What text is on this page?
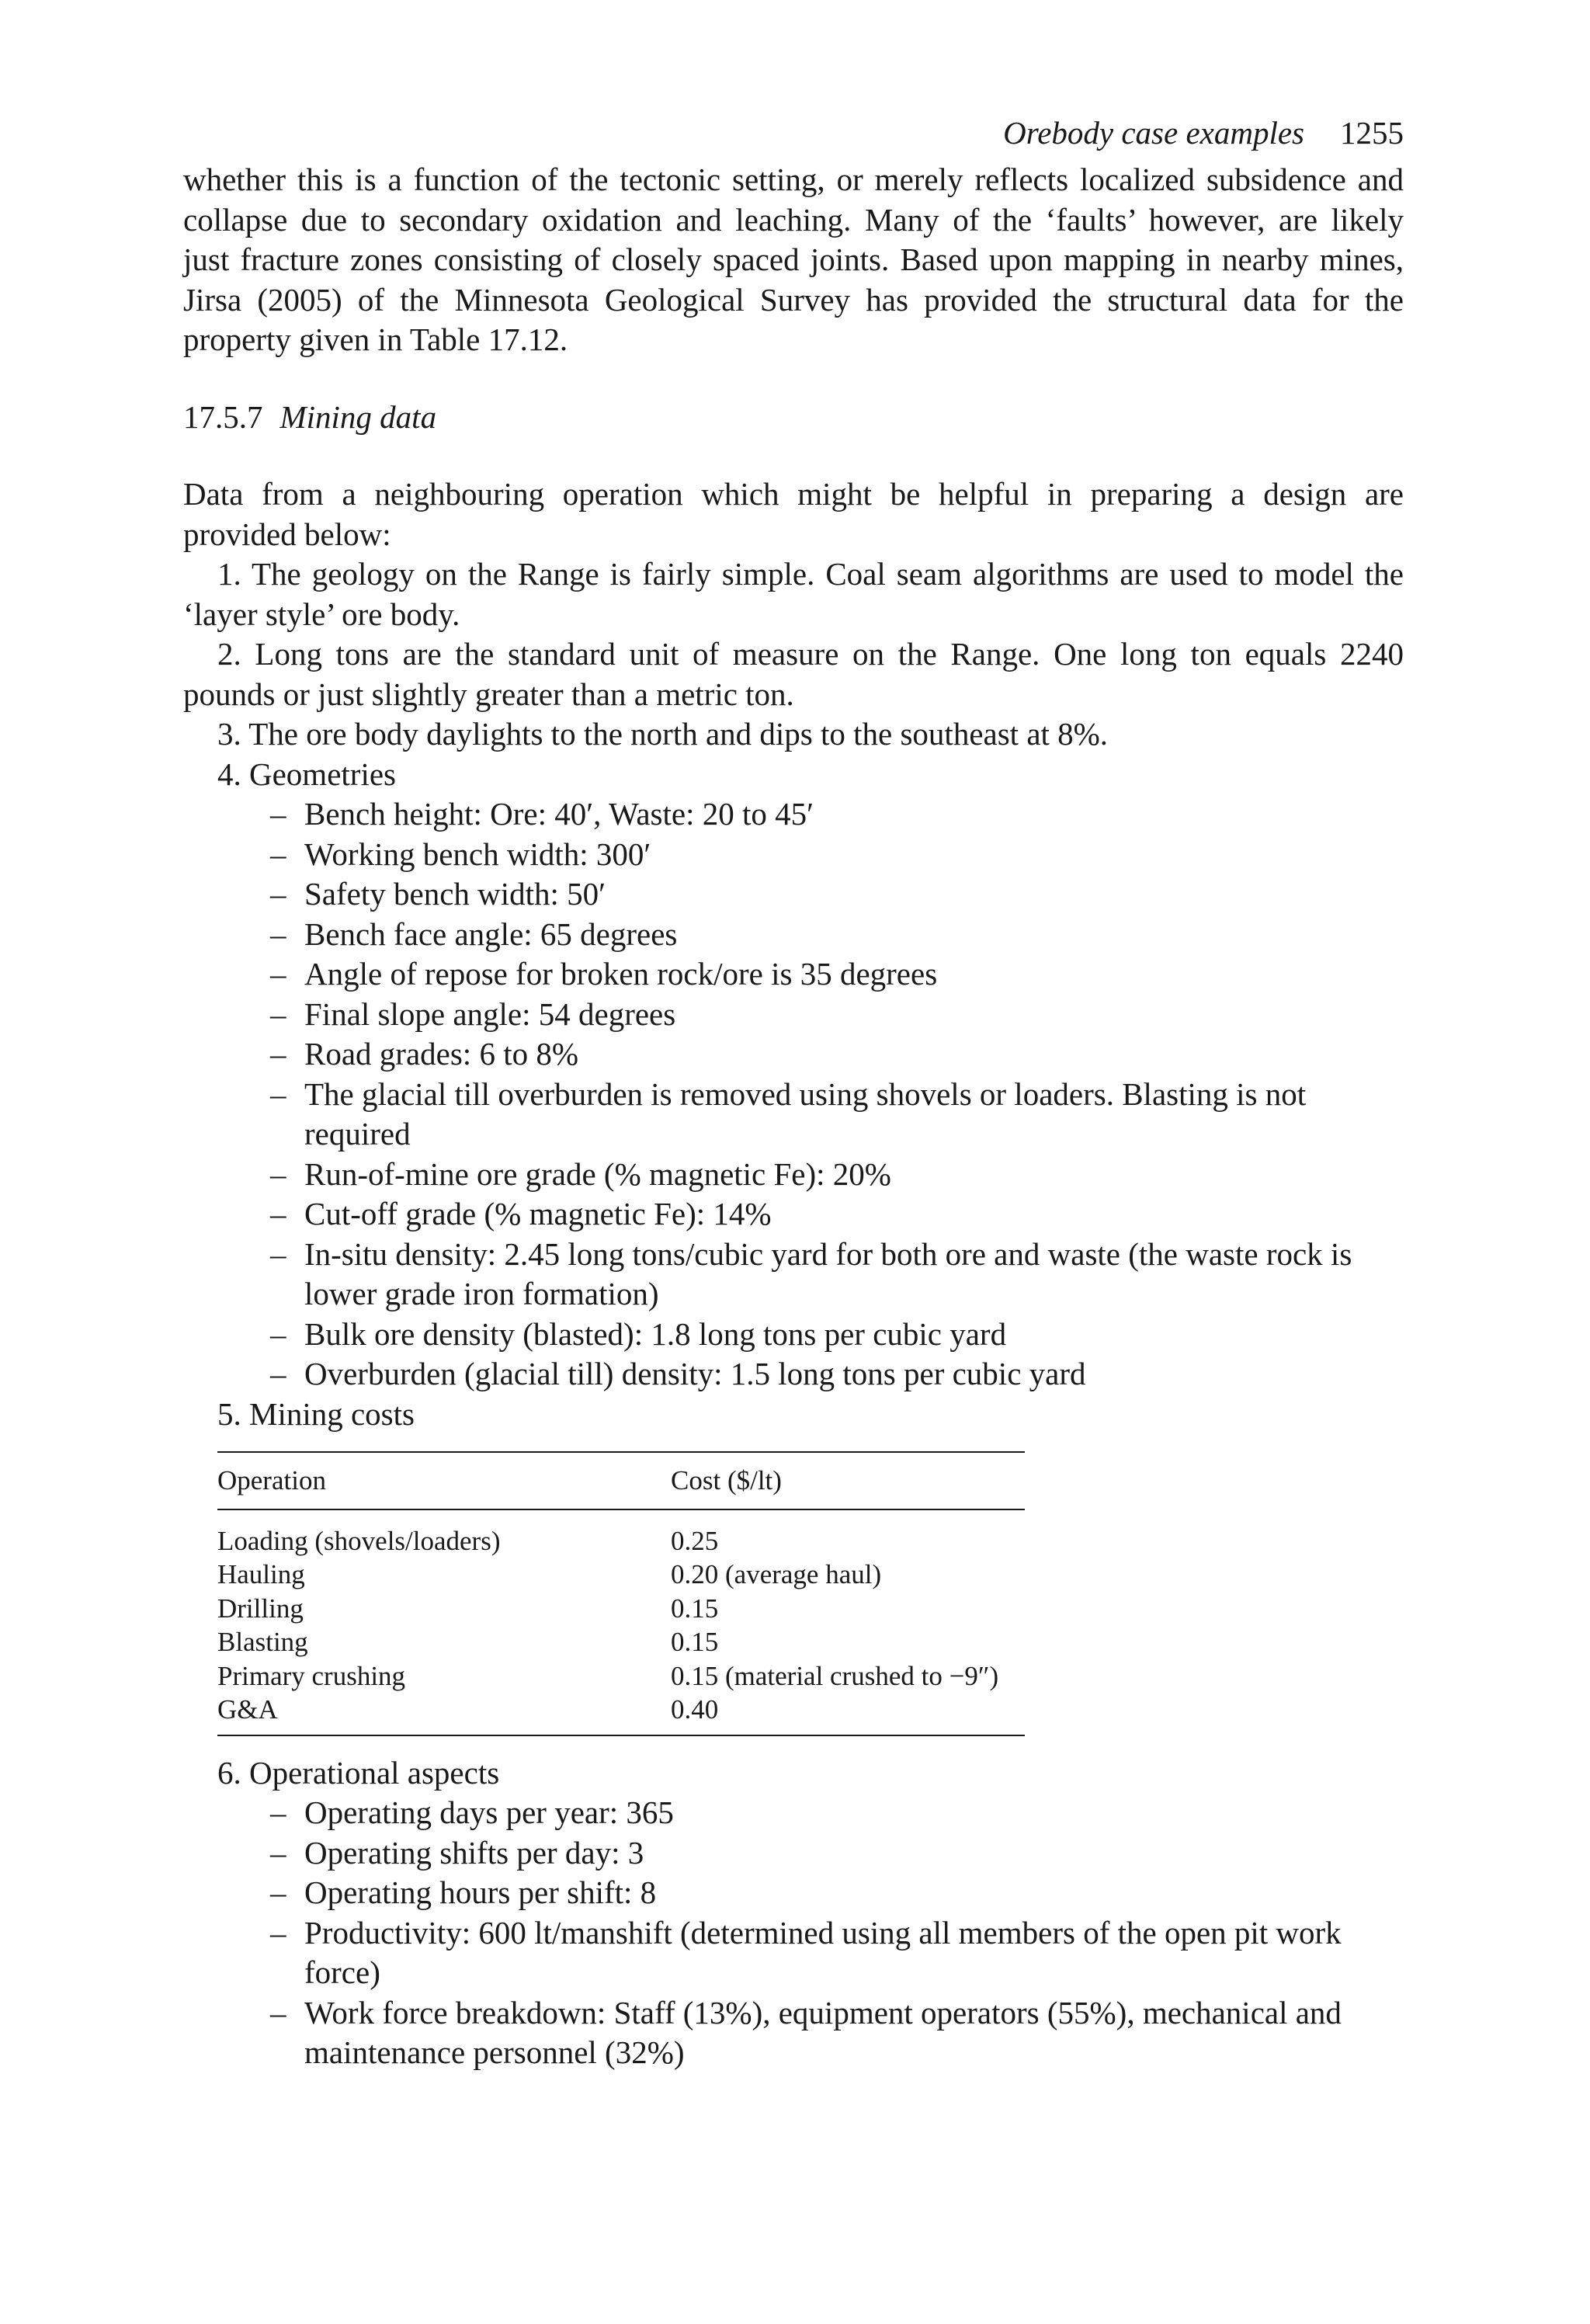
Orebody case examples 1255

whether this is a function of the tectonic setting, or merely reflects localized subsidence and
collapse due to secondary oxidation and leaching. Many of the ‘faults’ however, are likely
just fracture zones consisting of closely spaced joints. Based upon mapping in nearby mines,
Jirsa (2005) of the Minnesota Geological Survey has provided the structural data for the
property given in Table 17.12.

17.5.7 Mining data

Data from a neighbouring operation which might be helpful in preparing a design are
provided below:

1. The geology on the Range is fairly simple. Coal seam algorithms are used to model the ‘layer style’ ore body.

2. Long tons are the standard unit of measure on the Range. One long ton equals 2240 pounds or just slightly greater than a metric ton.

3. The ore body daylights to the north and dips to the southeast at 8%.

4. Geometries

– Bench height: Ore: 40′, Waste: 20 to 45′
– Working bench width: 300′
– Safety bench width: 50′
– Bench face angle: 65 degrees
– Angle of repose for broken rock/ore is 35 degrees
– Final slope angle: 54 degrees
– Road grades: 6 to 8%
– The glacial till overburden is removed using shovels or loaders. Blasting is not required
– Run-of-mine ore grade (% magnetic Fe): 20%
– Cut-off grade (% magnetic Fe): 14%
– In-situ density: 2.45 long tons/cubic yard for both ore and waste (the waste rock is lower grade iron formation)
– Bulk ore density (blasted): 1.8 long tons per cubic yard
– Overburden (glacial till) density: 1.5 long tons per cubic yard

5. Mining costs

Operation	Cost ($/lt)
Loading (shovels/loaders)	0.25
Hauling	0.20 (average haul)
Drilling	0.15
Blasting	0.15
Primary crushing	0.15 (material crushed to −9″)
G&A	0.40

6. Operational aspects

– Operating days per year: 365
– Operating shifts per day: 3
– Operating hours per shift: 8
– Productivity: 600 lt/manshift (determined using all members of the open pit work force)
– Work force breakdown: Staff (13%), equipment operators (55%), mechanical and maintenance personnel (32%)
